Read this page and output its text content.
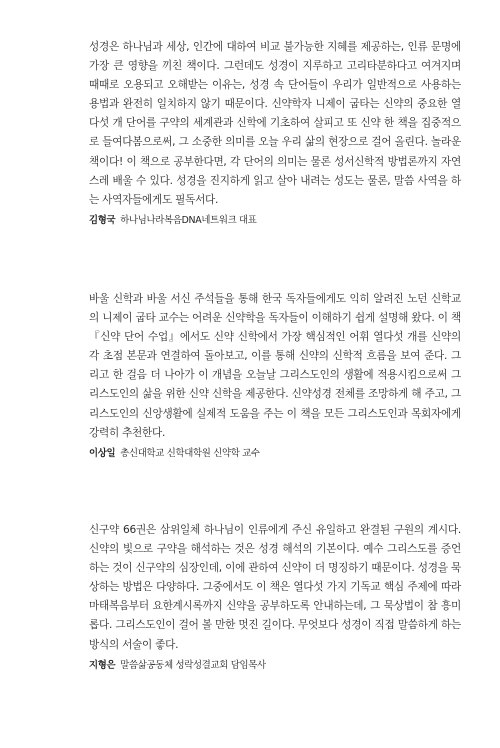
성경은 하나님과 세상, 인간에 대하여 비교 불가능한 지혜를 제공하는, 인류 문명에 가장 큰 영향을 끼친 책이다. 그런데도 성경이 지루하고 고리타분하다고 여겨지며 때때로 오용되고 오해받는 이유는, 성경 속 단어들이 우리가 일반적으로 사용하는 용법과 완전히 일치하지 않기 때문이다. 신약학자 니제이 굽타는 신약의 중요한 열다섯 개 단어를 구약의 세계관과 신학에 기초하여 살피고 또 신약 한 책을 집중적으로 들여다봄으로써, 그 소중한 의미를 오늘 우리 삶의 현장으로 걸어 올린다. 놀라운 책이다! 이 책으로 공부한다면, 각 단어의 의미는 물론 성서신학적 방법론까지 자연스레 배울 수 있다. 성경을 진지하게 읽고 살아 내려는 성도는 물론, 말씀 사역을 하는 사역자들에게도 필독서다.

김형국 하나님나라복음DNA네트워크 대표

바울 신학과 바울 서신 주석들을 통해 한국 독자들에게도 익히 알려진 노던 신학교의 니제이 굽타 교수는 어려운 신약학을 독자들이 이해하기 쉽게 설명해 왔다. 이 책 『신약 단어 수업』에서도 신약 신학에서 가장 핵심적인 어휘 열다섯 개를 신약의 각 초점 본문과 연결하여 돌아보고, 이를 통해 신약의 신학적 흐름을 보여 준다. 그리고 한 걸음 더 나아가 이 개념을 오늘날 그리스도인의 생활에 적용시킴으로써 그리스도인의 삶을 위한 신약 신학을 제공한다. 신약성경 전체를 조망하게 해 주고, 그리스도인의 신앙생활에 실제적 도움을 주는 이 책을 모든 그리스도인과 목회자에게 강력히 추천한다.

이상일 총신대학교 신학대학원 신약학 교수

신구약 66권은 삼위일체 하나님이 인류에게 주신 유일하고 완결된 구원의 계시다. 신약의 빛으로 구약을 해석하는 것은 성경 해석의 기본이다. 예수 그리스도를 증언하는 것이 신구약의 심장인데, 이에 관하여 신약이 더 명징하기 때문이다. 성경을 묵상하는 방법은 다양하다. 그중에서도 이 책은 열다섯 가지 기독교 핵심 주제에 따라 마태복음부터 요한계시록까지 신약을 공부하도록 안내하는데, 그 묵상법이 참 흥미롭다. 그리스도인이 걸어 볼 만한 멋진 길이다. 무엇보다 성경이 직접 말씀하게 하는 방식의 서술이 좋다.

지형은 말씀삶공동체 성락성결교회 담임목사
